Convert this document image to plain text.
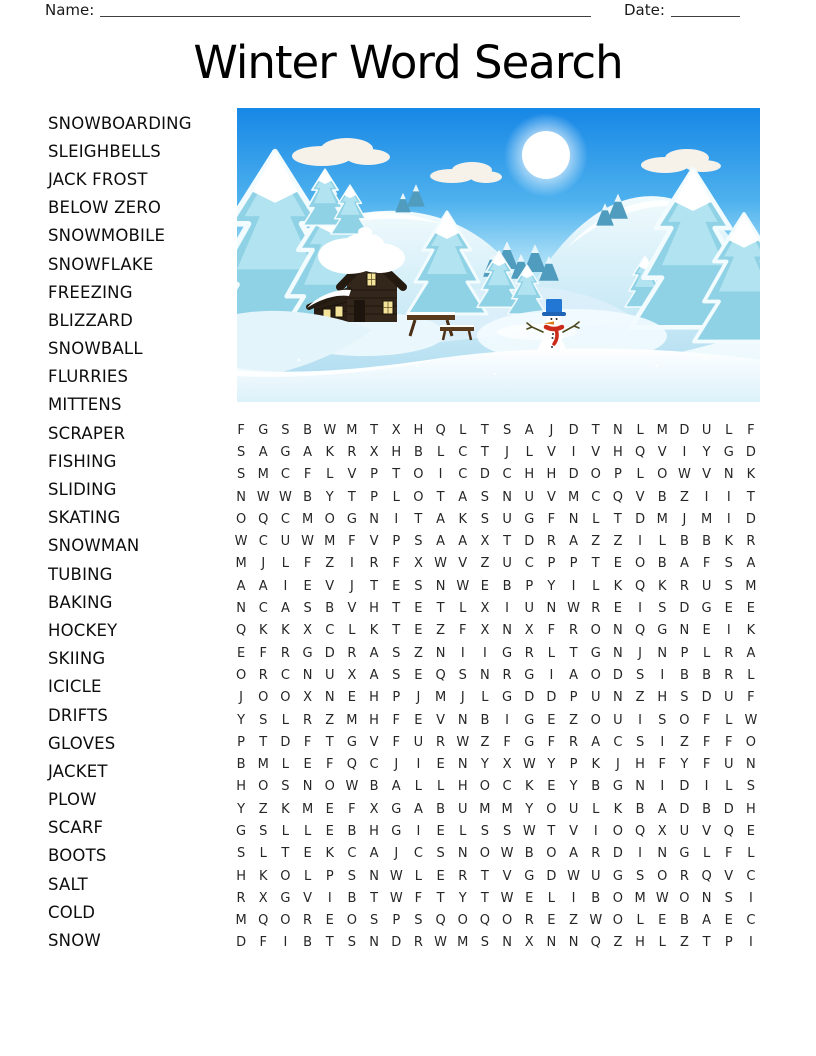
Name:	Date:
Winter Word Search
SNOWBOARDING
SLEIGHBELLS
JACK FROST
BELOW ZERO
SNOWMOBILE
SNOWFLAKE
FREEZING
BLIZZARD
SNOWBALL
FLURRIES
MITTENS
SCRAPER
FISHING
SLIDING
SKATING
SNOWMAN
TUBING
BAKING
HOCKEY
SKIING
ICICLE
DRIFTS
GLOVES
JACKET
PLOW
SCARF
BOOTS
SALT
COLD
SNOW
F	G S	B W M T	X H Q	L	T	S	A	J	D	T	N	L M D U	L	F
S	A G A	K	R	X H B	L	C	T	J	L	V	I	V H Q V	I	Y	G D
S M C	F	L	V	P	T	O	I	C D C H H D O	P	L	O W V N	K
N W W B	Y	T	P	L	O	T	A	S	N U V M C Q V	B	Z	I	I	T
O Q C M O G N	I	T	A	K	S	U G	F	N	L	T	D M	J	M	I	D
W C U W M F	V	P	S	A	A	X	T	D R	A	Z	Z	I	L	B	B	K	R
M	J	L	F	Z	I	R	F	X W V	Z U C	P	P	T	E O B	A	F	S	A
A	A	I	E	V	J	T	E	S	N W E	B	P	Y	I	L	K Q K	R U	S M
N C	A	S	B	V H	T	E	T	L	X	I	U N W R	E	I	S	D G	E	E
Q K	K	X	C	L	K	T	E	Z	F	X N X	F	R O N Q G N	E	I	K
E	F	R G D R	A	S	Z N	I	I	G R	L	T	G N	J	N	P	L	R	A
O R	C N U X	A	S	E Q S	N R G	I	A O D	S	I	B	B	R	L
J	O O X N	E	H	P	J	M	J	L	G D D	P	U N Z H	S	D U	F
Y	S	L	R	Z M H	F	E	V N B	I	G	E	Z O U	I	S O	F	L W
P	T	D	F	T	G V	F	U R W Z	F	G	F	R	A	C	S	I	Z	F	F	O
B M L	E	F	Q C	J	I	E	N	Y	X W Y	P	K	J	H	F	Y	F	U N
H O S	N O W B	A	L	L	H O C	K	E	Y	B G N	I	D	I	L	S
Y	Z	K M E	F	X G A	B U M M Y	O U	L	K	B	A D B D H
G	S	L	L	E	B H G	I	E	L	S	S W T	V	I	O Q X U V Q E
S	L	T	E	K	C	A	J	C	S	N O W B O A	R D	I	N G	L	F	L
H	K O	L	P	S	N W L	E	R	T	V G D W U G	S O R Q V	C
R	X G V	I	B	T W F	T	Y	T W E	L	I	B O M W O N	S	I
M Q O R	E O S	P	S Q O Q O R	E	Z W O	L	E	B	A	E	C
D	F	I	B	T	S	N D R W M S	N X N N Q Z H	L	Z	T	P	I
